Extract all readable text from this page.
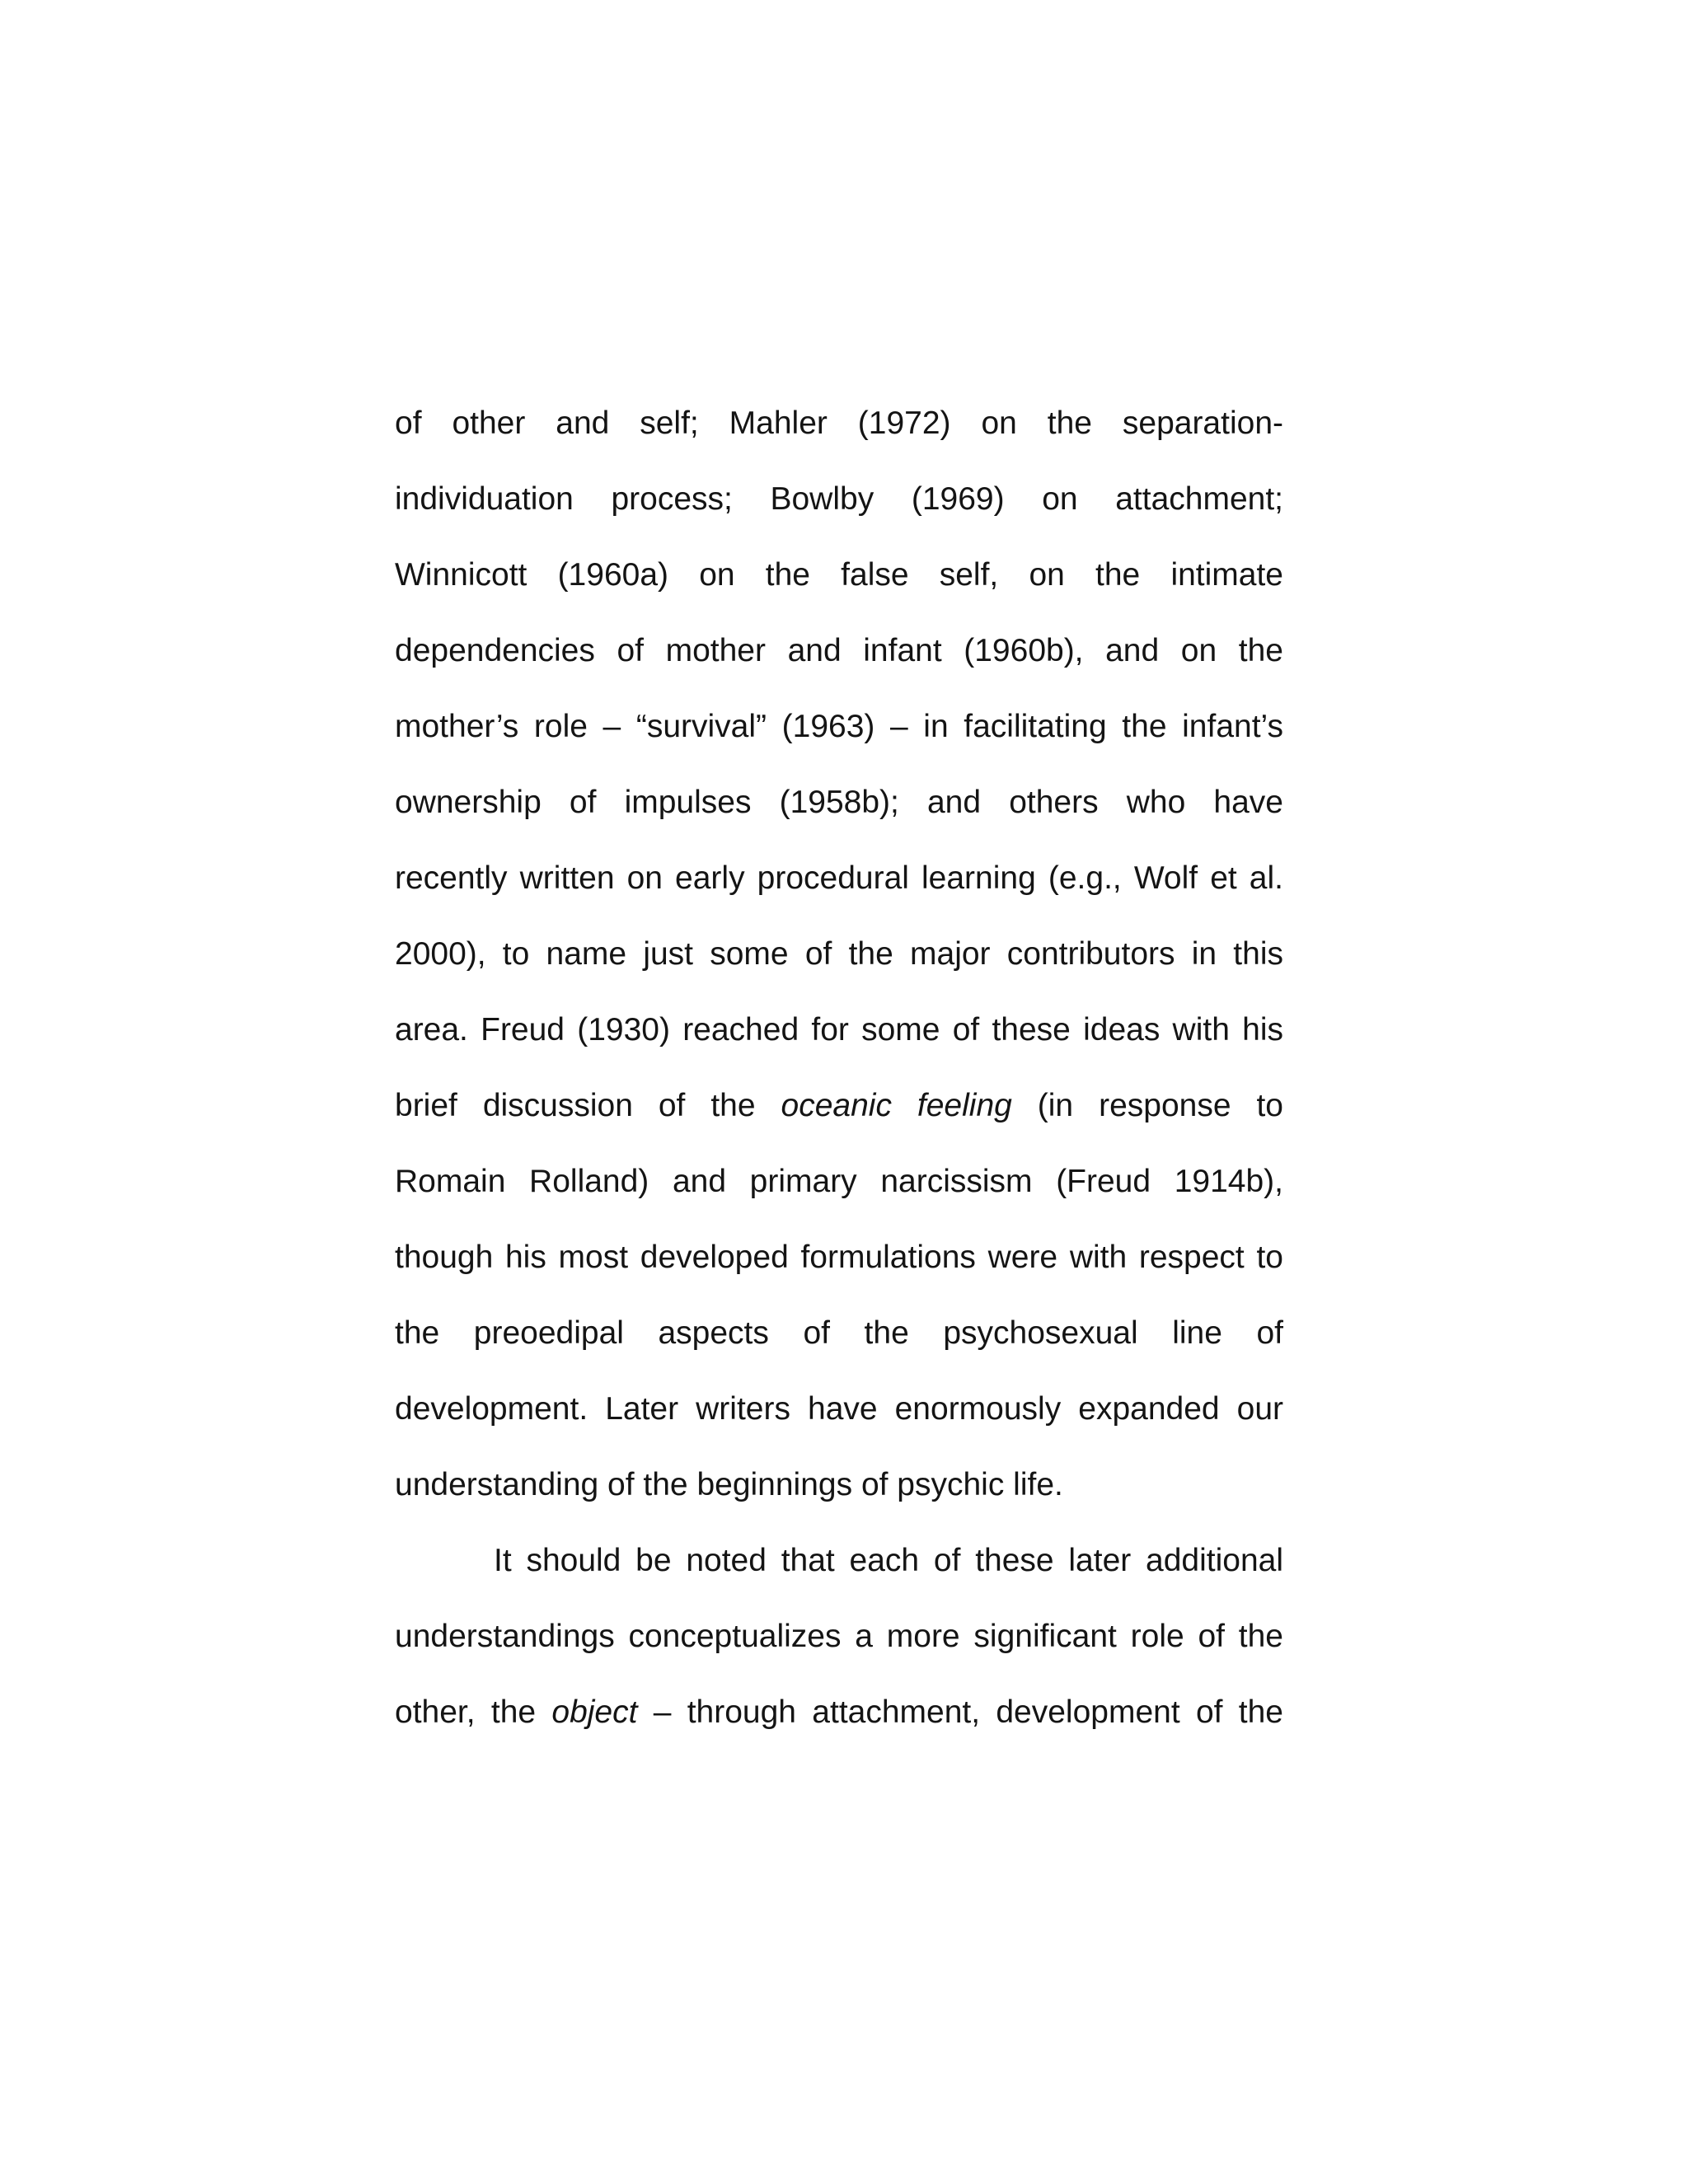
of other and self; Mahler (1972) on the separation-
individuation process; Bowlby (1969) on attachment;
Winnicott (1960a) on the false self, on the intimate
dependencies of mother and infant (1960b), and on the
mother’s role – “survival” (1963) – in facilitating the infant’s
ownership of impulses (1958b); and others who have
recently written on early procedural learning (e.g., Wolf et al.
2000), to name just some of the major contributors in this
area. Freud (1930) reached for some of these ideas with his
brief discussion of the oceanic feeling (in response to
Romain Rolland) and primary narcissism (Freud 1914b),
though his most developed formulations were with respect to
the preoedipal aspects of the psychosexual line of
development. Later writers have enormously expanded our
understanding of the beginnings of psychic life.
It should be noted that each of these later additional
understandings conceptualizes a more significant role of the
other, the object – through attachment, development of the
